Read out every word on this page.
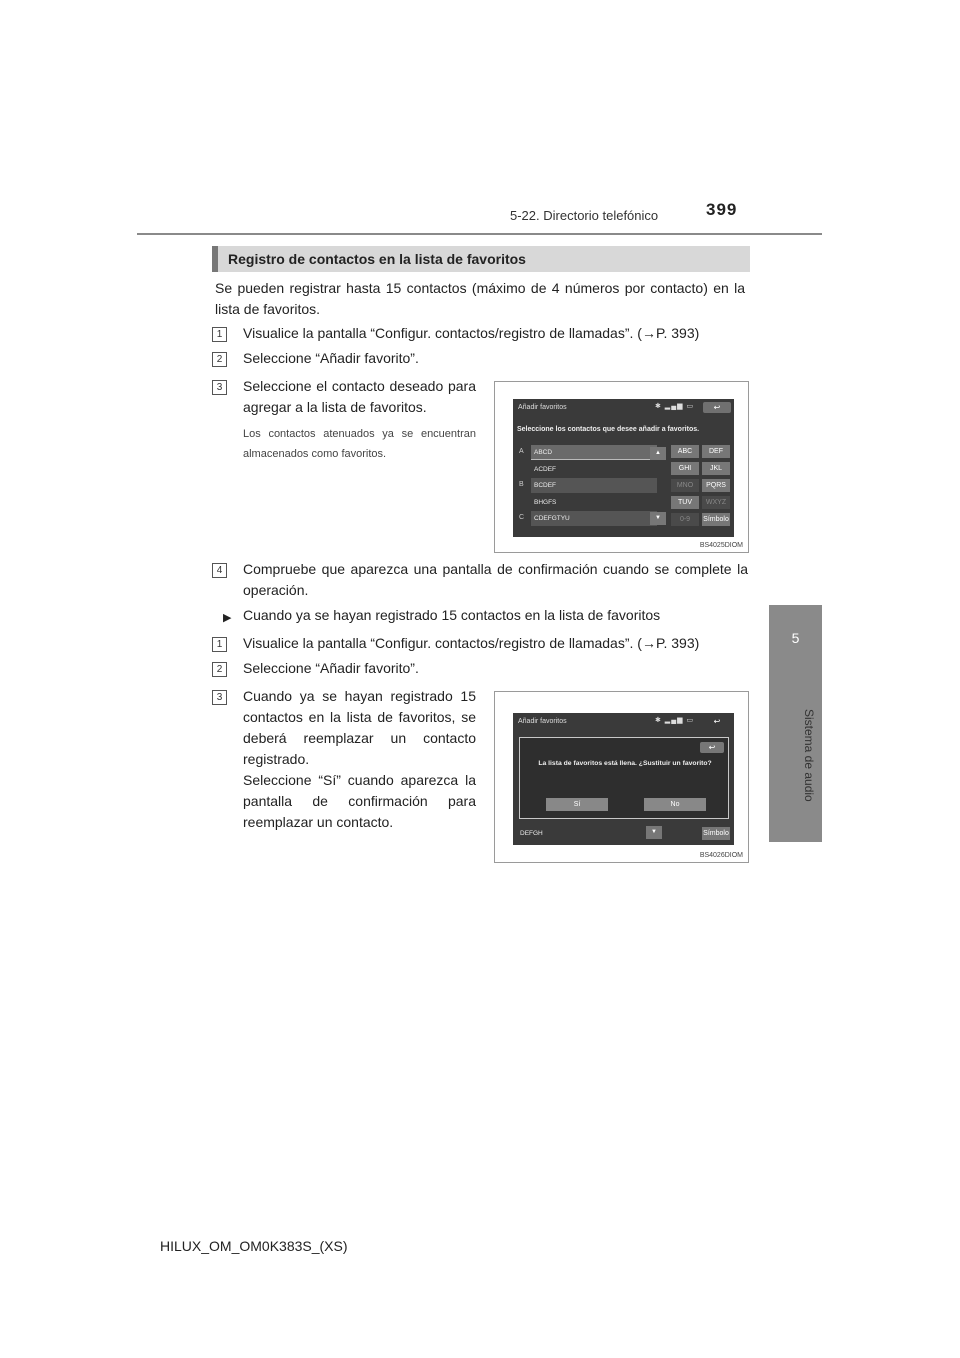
5-22. Directorio telefónico	399
5
Sistema de audio
Registro de contactos en la lista de favoritos
Se pueden registrar hasta 15 contactos (máximo de 4 números por contacto) en la lista de favoritos.
1	Visualice la pantalla “Configur. contactos/registro de llamadas”. (→P. 393)
2	Seleccione “Añadir favorito”.
3	Seleccione el contacto deseado para agregar a la lista de favoritos.
Los contactos atenuados ya se encuentran almacenados como favoritos.
Añadir favoritos	✱ ▂▄▆ ▭	↩
Seleccione los contactos que desee añadir a favoritos.
A
B
C
ABCD
ACDEF
BCDEF
BHGFS
CDEFGTYU
▲
▼
ABC	DEF
GHI	JKL
MNO	PQRS
TUV	WXYZ
0-9	Símbolo
BS4025DIOM
4	Compruebe que aparezca una pantalla de confirmación cuando se complete la operación.
▶ Cuando ya se hayan registrado 15 contactos en la lista de favoritos
1	Visualice la pantalla “Configur. contactos/registro de llamadas”. (→P. 393)
2	Seleccione “Añadir favorito”.
3	Cuando ya se hayan registrado 15 contactos en la lista de favoritos, se deberá reemplazar un contacto registrado.
Seleccione “Sí” cuando aparezca la pantalla de confirmación para reemplazar un contacto.
Añadir favoritos	✱ ▂▄▆ ▭	↩
↩
La lista de favoritos está llena. ¿Sustituir un favorito?
Sí	No
DEFGH	▼	Símbolo
BS4026DIOM
HILUX_OM_OM0K383S_(XS)
